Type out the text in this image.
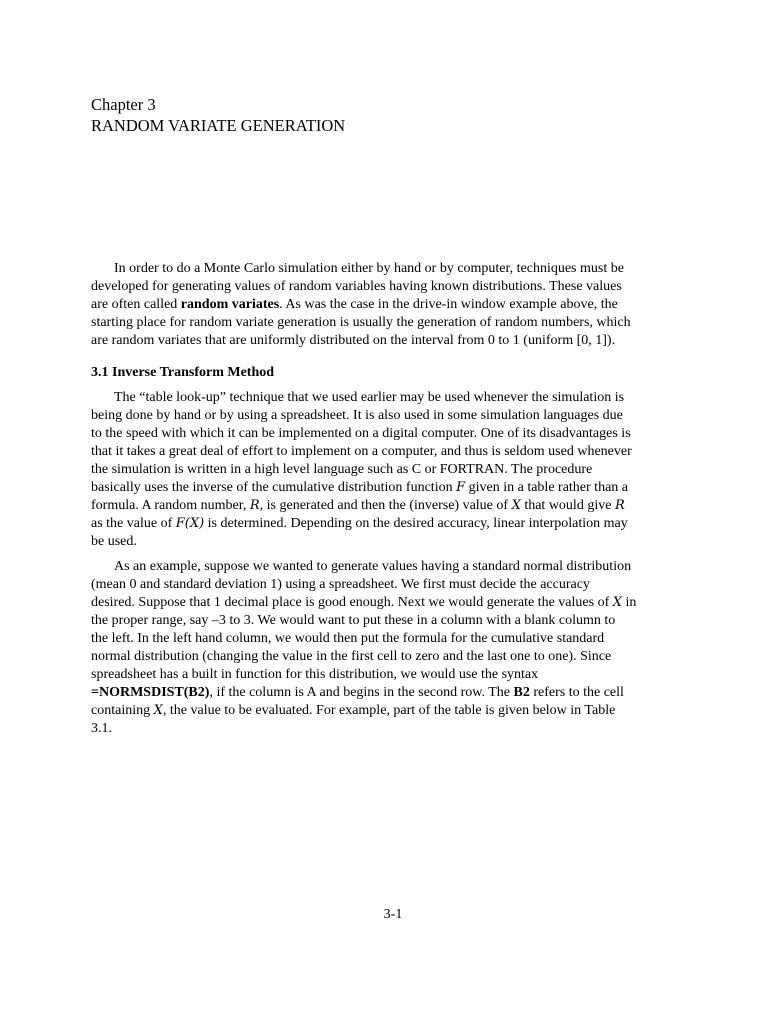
Chapter 3
RANDOM VARIATE GENERATION
In order to do a Monte Carlo simulation either by hand or by computer, techniques must be
developed for generating values of random variables having known distributions. These values
are often called random variates. As was the case in the drive-in window example above, the
starting place for random variate generation is usually the generation of random numbers, which
are random variates that are uniformly distributed on the interval from 0 to 1 (uniform [0, 1]).
3.1 Inverse Transform Method
The “table look-up” technique that we used earlier may be used whenever the simulation is
being done by hand or by using a spreadsheet. It is also used in some simulation languages due
to the speed with which it can be implemented on a digital computer. One of its disadvantages is
that it takes a great deal of effort to implement on a computer, and thus is seldom used whenever
the simulation is written in a high level language such as C or FORTRAN. The procedure
basically uses the inverse of the cumulative distribution function F given in a table rather than a
formula. A random number, R, is generated and then the (inverse) value of X that would give R
as the value of F(X) is determined. Depending on the desired accuracy, linear interpolation may
be used.
As an example, suppose we wanted to generate values having a standard normal distribution
(mean 0 and standard deviation 1) using a spreadsheet. We first must decide the accuracy
desired. Suppose that 1 decimal place is good enough. Next we would generate the values of X in
the proper range, say –3 to 3. We would want to put these in a column with a blank column to
the left. In the left hand column, we would then put the formula for the cumulative standard
normal distribution (changing the value in the first cell to zero and the last one to one). Since
spreadsheet has a built in function for this distribution, we would use the syntax
=NORMSDIST(B2), if the column is A and begins in the second row. The B2 refers to the cell
containing X, the value to be evaluated. For example, part of the table is given below in Table
3.1.
3-1
